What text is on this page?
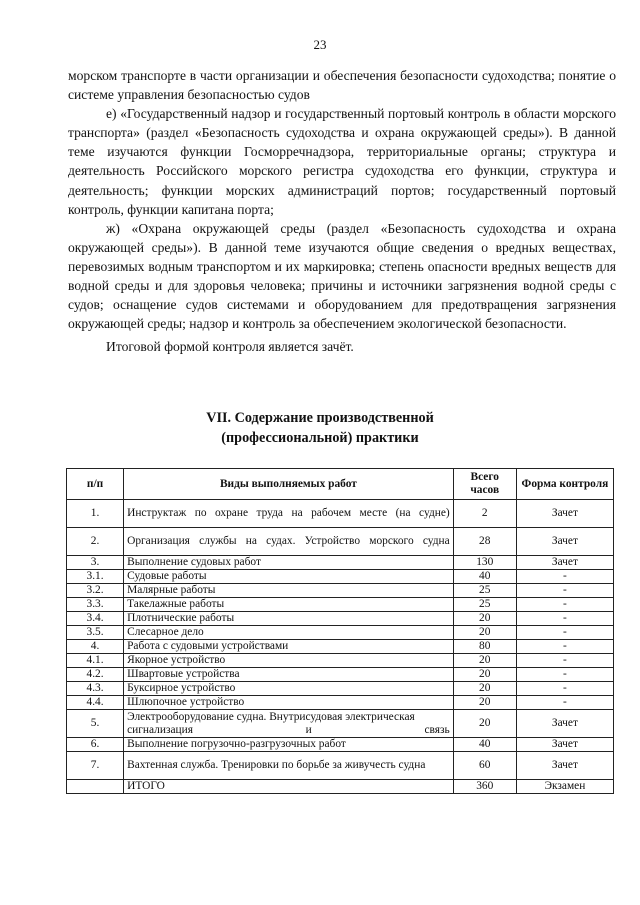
23

морском транспорте в части организации и обеспечения безопасности судоходства; понятие о системе управления безопасностью судов

е) «Государственный надзор и государственный портовый контроль в области морского транспорта» (раздел «Безопасность судоходства и охрана окружающей среды»). В данной теме изучаются функции Госморречнадзора, территориальные органы; структура и деятельность Российского морского регистра судоходства его функции, структура и деятельность; функции морских администраций портов; государственный портовый контроль, функции капитана порта;

ж) «Охрана окружающей среды (раздел «Безопасность судоходства и охрана окружающей среды»). В данной теме изучаются общие сведения о вредных веществах, перевозимых водным транспортом и их маркировка; степень опасности вредных веществ для водной среды и для здоровья человека; причины и источники загрязнения водной среды с судов; оснащение судов системами и оборудованием для предотвращения загрязнения окружающей среды; надзор и контроль за обеспечением экологической безопасности.

Итоговой формой контроля является зачёт.

VII. Содержание производственной
(профессиональной) практики
п/п	Виды выполняемых работ	Всего часов	Форма контроля
1.	Инструктаж по охране труда на рабочем месте (на судне)	2	Зачет
2.	Организация службы на судах. Устройство морского судна	28	Зачет
3.	Выполнение судовых работ	130	Зачет
3.1.	Судовые работы	40	-
3.2.	Малярные работы	25	-
3.3.	Такелажные работы	25	-
3.4.	Плотнические работы	20	-
3.5.	Слесарное дело	20	-
4.	Работа с судовыми устройствами	80	-
4.1.	Якорное устройство	20	-
4.2.	Швартовые устройства	20	-
4.3.	Буксирное устройство	20	-
4.4.	Шлюпочное устройство	20	-
5.	Электрооборудование судна. Внутрисудовая электрическая сигнализация и связь	20	Зачет
6.	Выполнение погрузочно-разгрузочных работ	40	Зачет
7.	Вахтенная служба. Тренировки по борьбе за живучесть судна	60	Зачет
	ИТОГО	360	Экзамен
